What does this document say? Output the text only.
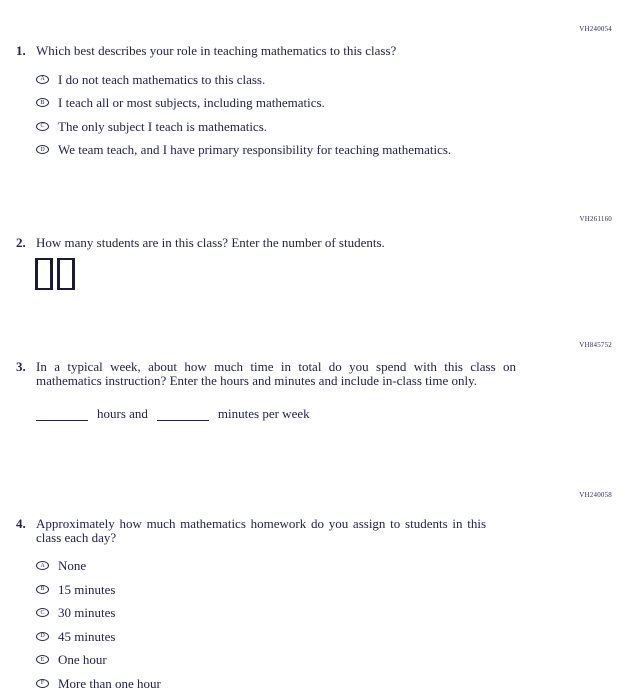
VH240054
1. Which best describes your role in teaching mathematics to this class?
A I do not teach mathematics to this class.
B I teach all or most subjects, including mathematics.
C The only subject I teach is mathematics.
D We team teach, and I have primary responsibility for teaching mathematics.
VH261160
2. How many students are in this class? Enter the number of students.
VH845752
3. In a typical week, about how much time in total do you spend with this class on mathematics instruction? Enter the hours and minutes and include in-class time only.
hours and	minutes per week
VH240058
4. Approximately how much mathematics homework do you assign to students in this class each day?
A None
B 15 minutes
C 30 minutes
D 45 minutes
E One hour
F More than one hour
